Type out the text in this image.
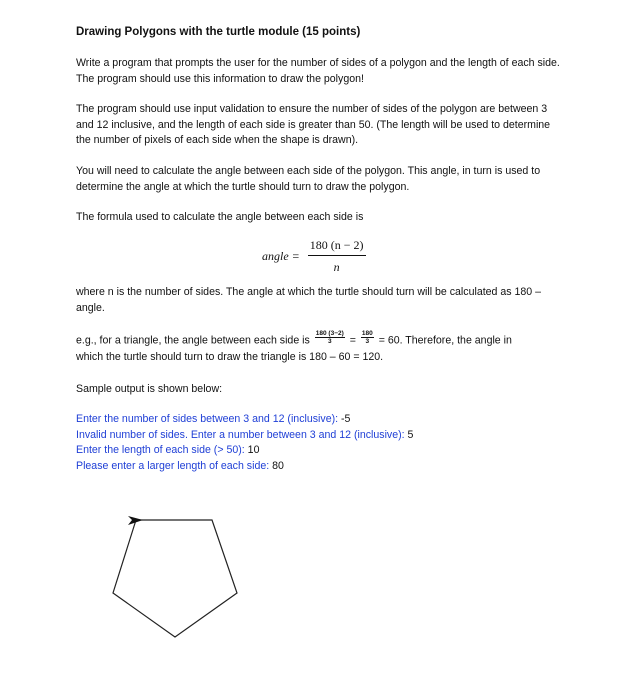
Drawing Polygons with the turtle module (15 points)

Write a program that prompts the user for the number of sides of a polygon and the length of each side. The program should use this information to draw the polygon!

The program should use input validation to ensure the number of sides of the polygon are between 3 and 12 inclusive, and the length of each side is greater than 50. (The length will be used to determine the number of pixels of each side when the shape is drawn).

You will need to calculate the angle between each side of the polygon. This angle, in turn is used to determine the angle at which the turtle should turn to draw the polygon.

The formula used to calculate the angle between each side is

angle = $\frac{180 (n - 2)}{n}$

where n is the number of sides. The angle at which the turtle should turn will be calculated as 180 – angle.

e.g., for a triangle, the angle between each side is $\frac{180 (3-2)}{3} = \frac{180}{3} = 60$. Therefore, the angle in
which the turtle should turn to draw the triangle is 180 – 60 = 120.

Sample output is shown below:

Enter the number of sides between 3 and 12 (inclusive): -5
Invalid number of sides. Enter a number between 3 and 12 (inclusive): 5
Enter the length of each side (> 50): 10
Please enter a larger length of each side: 80
